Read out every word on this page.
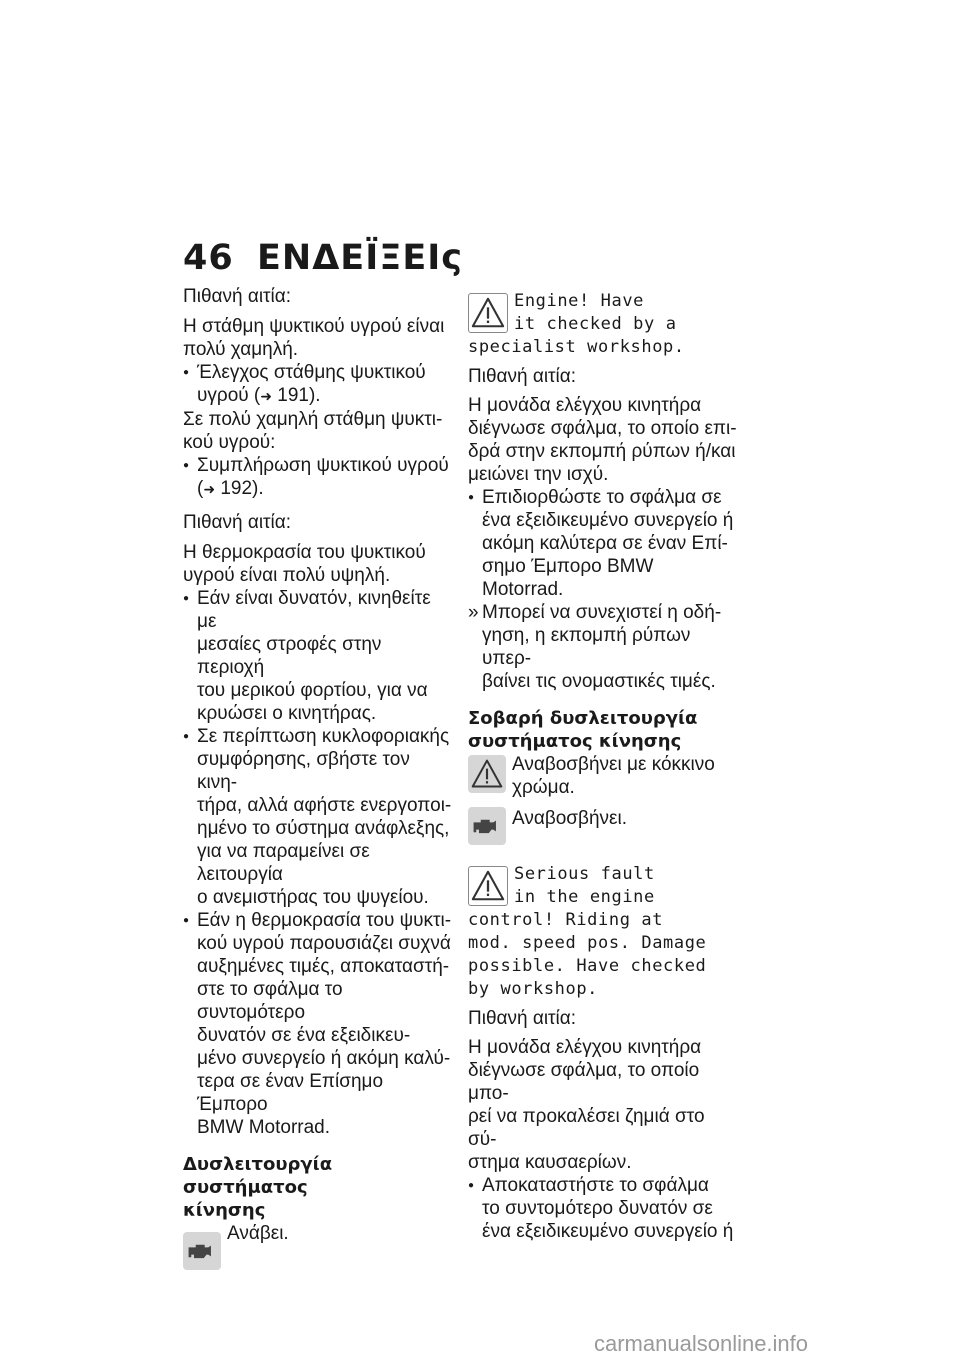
46 ΕΝΔΕΪΞΕΙς

Πιθανή αιτία:

Η στάθμη ψυκτικού υγρού είναι

πολύ χαμηλή.

●
Έλεγχος στάθμης ψυκτικού
υγρού (➜ 191).

Σε πολύ χαμηλή στάθμη ψυκτι-

κού υγρού:

●
Συμπλήρωση ψυκτικού υγρού
(➜ 192).

Πιθανή αιτία:

Η θερμοκρασία του ψυκτικού

υγρού είναι πολύ υψηλή.

●
Εάν είναι δυνατόν, κινηθείτε με
μεσαίες στροφές στην περιοχή
του μερικού φορτίου, για να
κρυώσει ο κινητήρας.
●
Σε περίπτωση κυκλοφοριακής
συμφόρησης, σβήστε τον κινη-
τήρα, αλλά αφήστε ενεργοποι-
ημένο το σύστημα ανάφλεξης,
για να παραμείνει σε λειτουργία
ο ανεμιστήρας του ψυγείου.
●
Εάν η θερμοκρασία του ψυκτι-
κού υγρού παρουσιάζει συχνά
αυξημένες τιμές, αποκαταστή-
στε το σφάλμα το συντομότερο
δυνατόν σε ένα εξειδικευ-
μένο συνεργείο ή ακόμη καλύ-
τερα σε έναν Επίσημο Έμπορο
BMW Motorrad.

Δυσλειτουργία συστήματος
κίνησης

Ανάβει.
Engine! Have
it checked by a

specialist workshop.

Πιθανή αιτία:

Η μονάδα ελέγχου κινητήρα

διέγνωσε σφάλμα, το οποίο επι-

δρά στην εκπομπή ρύπων ή/και

μειώνει την ισχύ.

●
Επιδιορθώστε το σφάλμα σε
ένα εξειδικευμένο συνεργείο ή
ακόμη καλύτερα σε έναν Επί-
σημο Έμπορο BMW Motorrad.
» Μπορεί να συνεχιστεί η οδή-
γηση, η εκπομπή ρύπων υπερ-
βαίνει τις ονομαστικές τιμές.

Σοβαρή δυσλειτουργία
συστήματος κίνησης

Αναβοσβήνει με κόκκινο
χρώμα.
Αναβοσβήνει.
Serious fault
in the engine

control! Riding at

mod. speed pos. Damage

possible. Have checked

by workshop.

Πιθανή αιτία:

Η μονάδα ελέγχου κινητήρα

διέγνωσε σφάλμα, το οποίο μπο-

ρεί να προκαλέσει ζημιά στο σύ-

στημα καυσαερίων.

●
Αποκαταστήστε το σφάλμα
το συντομότερο δυνατόν σε
ένα εξειδικευμένο συνεργείο ή
carmanualsonline.info
